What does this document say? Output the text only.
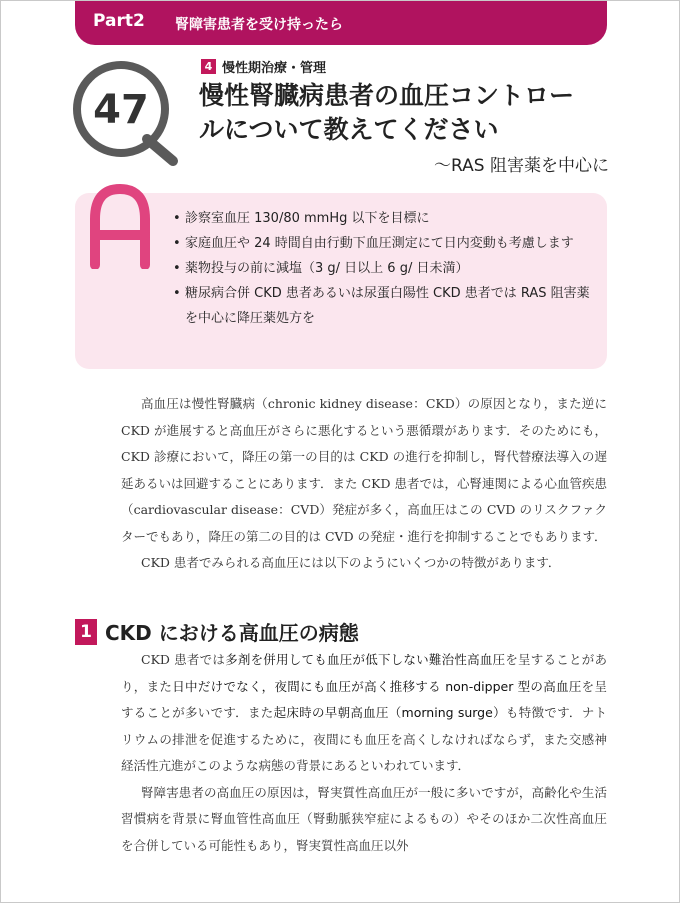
Part2 腎障害患者を受け持ったら
47
4 慢性期治療・管理
慢性腎臓病患者の血圧コントロー
ルについて教えてください
～RAS 阻害薬を中心に
• 診察室血圧 130/80 mmHg 以下を目標に
• 家庭血圧や 24 時間自由行動下血圧測定にて日内変動も考慮します
• 薬物投与の前に減塩（3 g/ 日以上 6 g/ 日未満）
• 糖尿病合併 CKD 患者あるいは尿蛋白陽性 CKD 患者では RAS 阻害薬を中心に降圧薬処方を

高血圧は慢性腎臓病（chronic kidney disease：CKD）の原因となり，また逆に CKD が進展すると高血圧がさらに悪化するという悪循環があります．そのためにも，CKD 診療において，降圧の第一の目的は CKD の進行を抑制し，腎代替療法導入の遅延あるいは回避することにあります．また CKD 患者では，心腎連関による心血管疾患（cardiovascular disease：CVD）発症が多く，高血圧はこの CVD のリスクファクターでもあり，降圧の第二の目的は CVD の発症・進行を抑制することでもあります．

CKD 患者でみられる高血圧には以下のようにいくつかの特徴があります．

1 CKD における高血圧の病態

CKD 患者では多剤を併用しても血圧が低下しない難治性高血圧を呈することがあり，また日中だけでなく，夜間にも血圧が高く推移する non-dipper 型の高血圧を呈することが多いです．また起床時の早朝高血圧（morning surge）も特徴です．ナトリウムの排泄を促進するために，夜間にも血圧を高くしなければならず，また交感神経活性亢進がこのような病態の背景にあるといわれています．

腎障害患者の高血圧の原因は，腎実質性高血圧が一般に多いですが，高齢化や生活習慣病を背景に腎血管性高血圧（腎動脈狭窄症によるもの）やそのほか二次性高血圧を合併している可能性もあり，腎実質性高血圧以外
